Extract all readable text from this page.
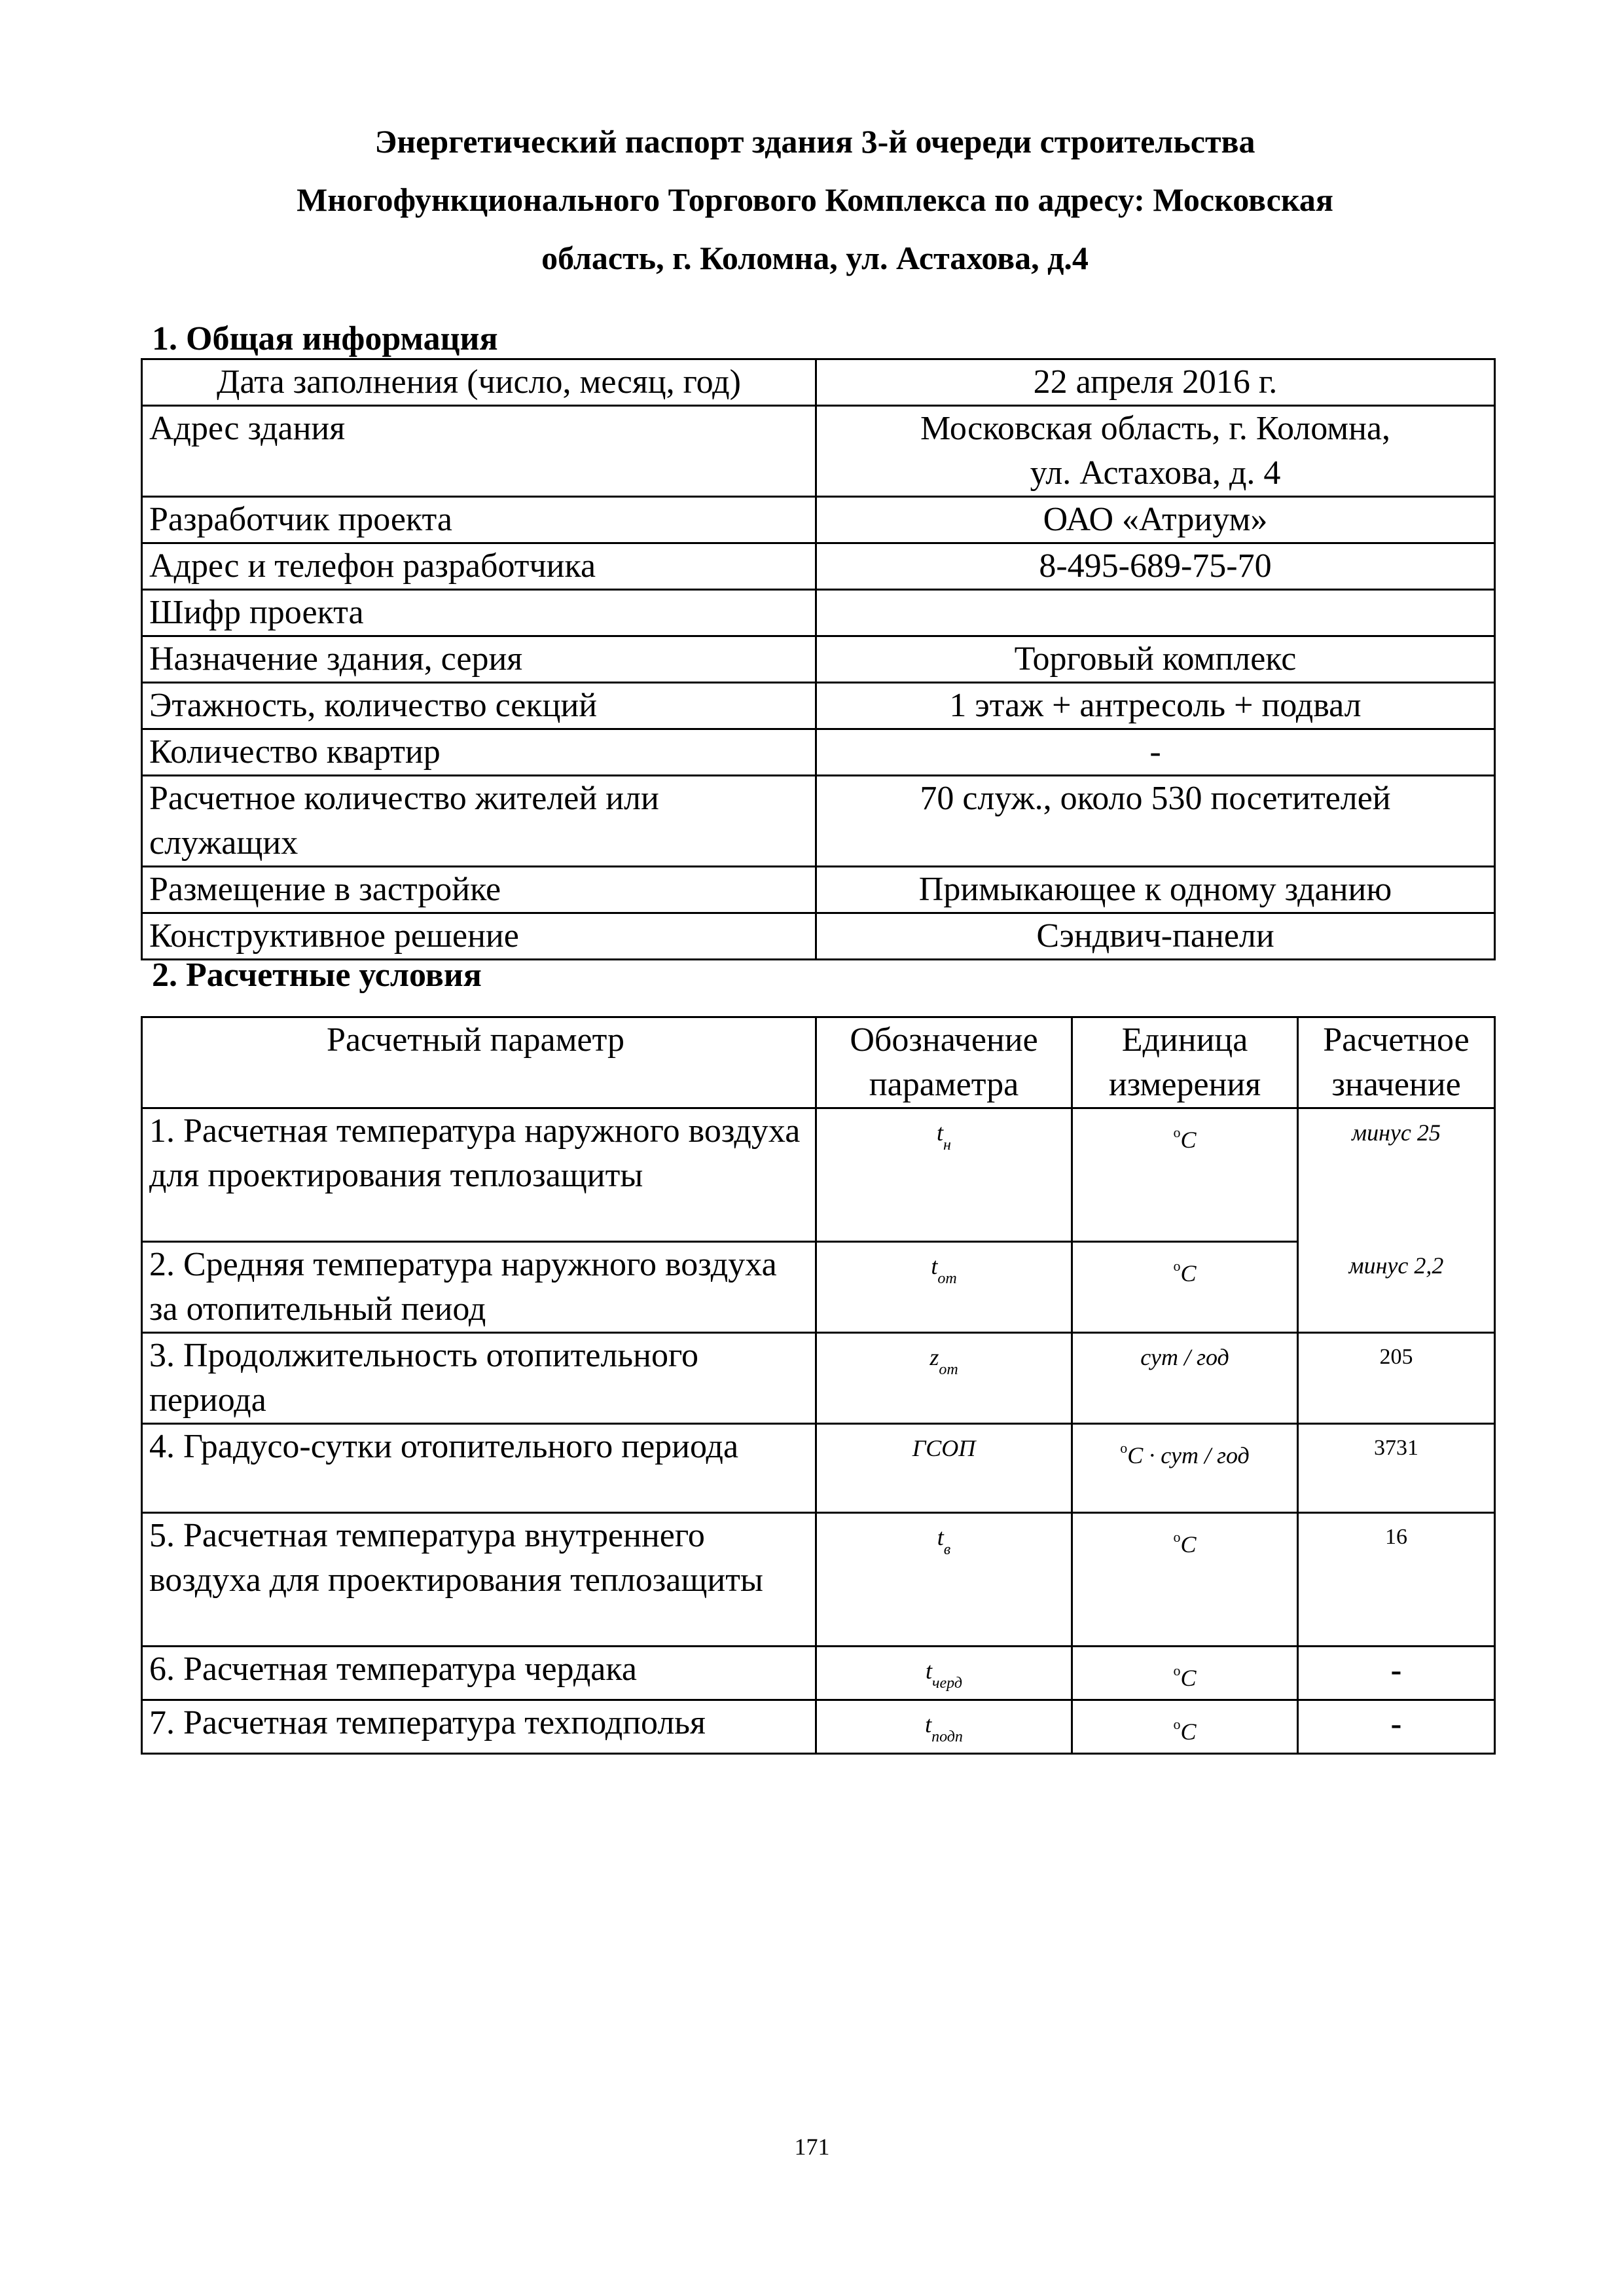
Энергетический паспорт здания 3-й очереди строительства
Многофункционального Торгового Комплекса по адресу: Московская
область, г. Коломна, ул. Астахова, д.4
1. Общая информация
Дата заполнения (число, месяц, год)	22 апреля 2016 г.
Адрес здания	Московская область, г. Коломна,
ул. Астахова, д. 4

Разработчик проекта	ОАО «Атриум»
Адрес и телефон разработчика	8-495-689-75-70
Шифр проекта	
Назначение здания, серия	Торговый комплекс
Этажность, количество секций	1 этаж + антресоль + подвал
Количество квартир	-
Расчетное количество жителей или служащих	70 служ., около 530 посетителей
Размещение в застройке	Примыкающее к одному зданию
Конструктивное решение	Сэндвич-панели
2. Расчетные условия
Расчетный параметр	Обозначение параметра	Единица измерения	Расчетное значение
1. Расчетная температура наружного воздуха для проектирования теплозащиты	$t_н$	$^o$C	минус 25
2. Средняя температура наружного воздуха за отопительный пеиод	$t_{от}$	$^o$C	минус 2,2
3. Продолжительность отопительного периода	$z_{от}$	сут / год	205
4. Градусо-сутки отопительного периода	ГСОП	$^o$C · сут / год	3731
5. Расчетная температура внутреннего воздуха для проектирования теплозащиты	$t_в$	$^o$C	16
6. Расчетная температура чердака	$t_{черд}$	$^o$C	-
7. Расчетная температура техподполья	$t_{подп}$	$^o$C	-
171
